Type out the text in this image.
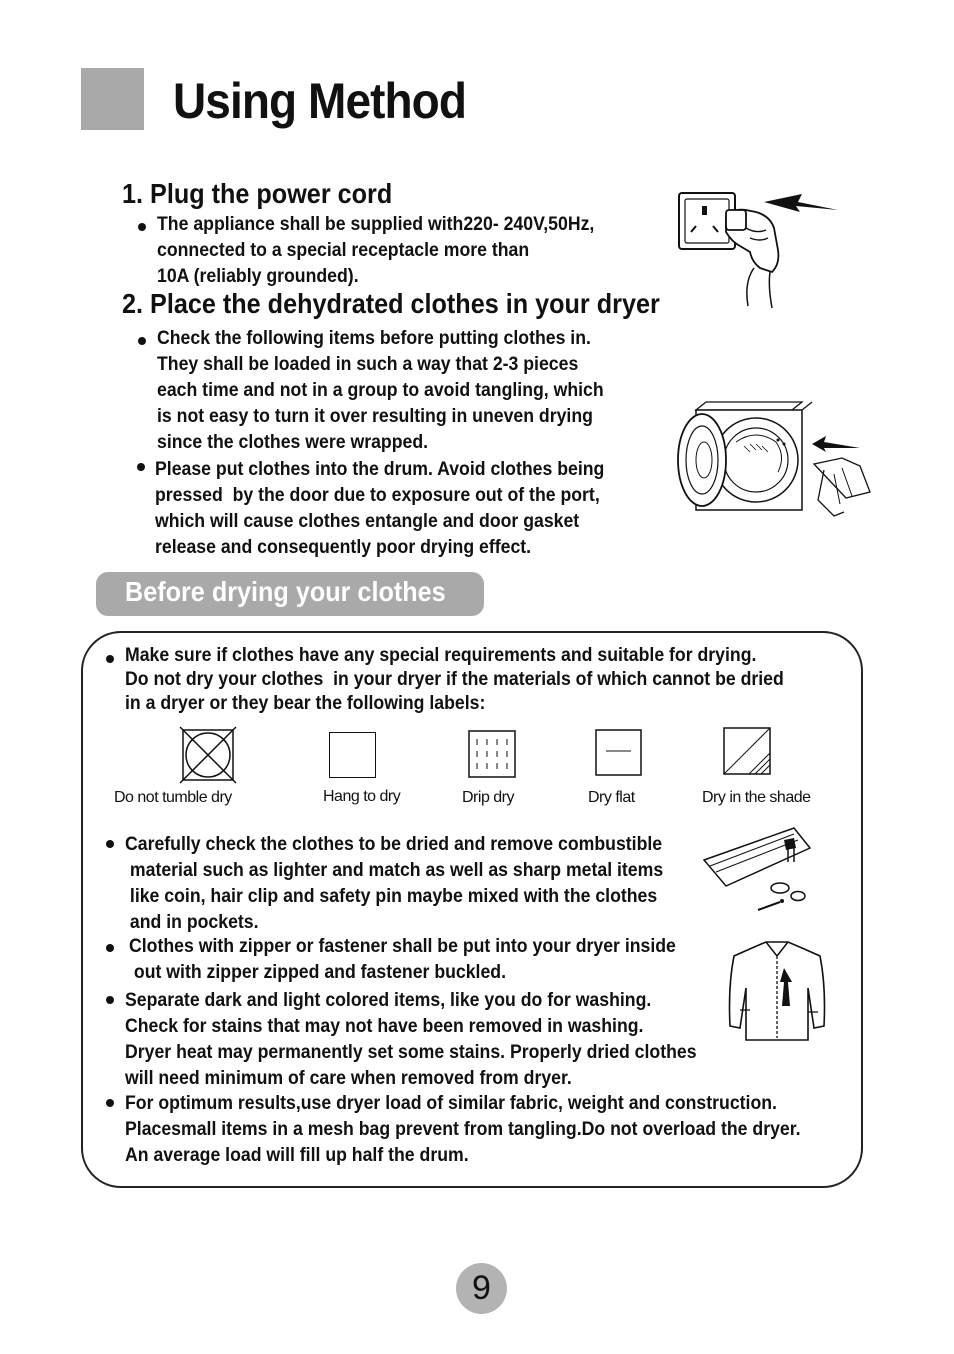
Using Method
1. Plug the power cord
The appliance shall be supplied with220- 240V,50Hz,
connected to a special receptacle more than
10A (reliably grounded).
2. Place the dehydrated clothes in your dryer
Check the following items before putting clothes in.
They shall be loaded in such a way that 2-3 pieces
each time and not in a group to avoid tangling, which
is not easy to turn it over resulting in uneven drying
since the clothes were wrapped.
Please put clothes into the drum. Avoid clothes being
pressed  by the door due to exposure out of the port,
which will cause clothes entangle and door gasket
release and consequently poor drying effect.
Before drying your clothes
Make sure if clothes have any special requirements and suitable for drying.
Do not dry your clothes  in your dryer if the materials of which cannot be dried
in a dryer or they bear the following labels:
Do not tumble dry	Hang to dry	Drip dry	Dry flat	Dry in the shade
Carefully check the clothes to be dried and remove combustible
material such as lighter and match as well as sharp metal items
like coin, hair clip and safety pin maybe mixed with the clothes
and in pockets.
Clothes with zipper or fastener shall be put into your dryer inside
out with zipper zipped and fastener buckled.
Separate dark and light colored items, like you do for washing.
Check for stains that may not have been removed in washing.
Dryer heat may permanently set some stains. Properly dried clothes
will need minimum of care when removed from dryer.
For optimum results,use dryer load of similar fabric, weight and construction.
Placesmall items in a mesh bag prevent from tangling.Do not overload the dryer.
An average load will fill up half the drum.
9
